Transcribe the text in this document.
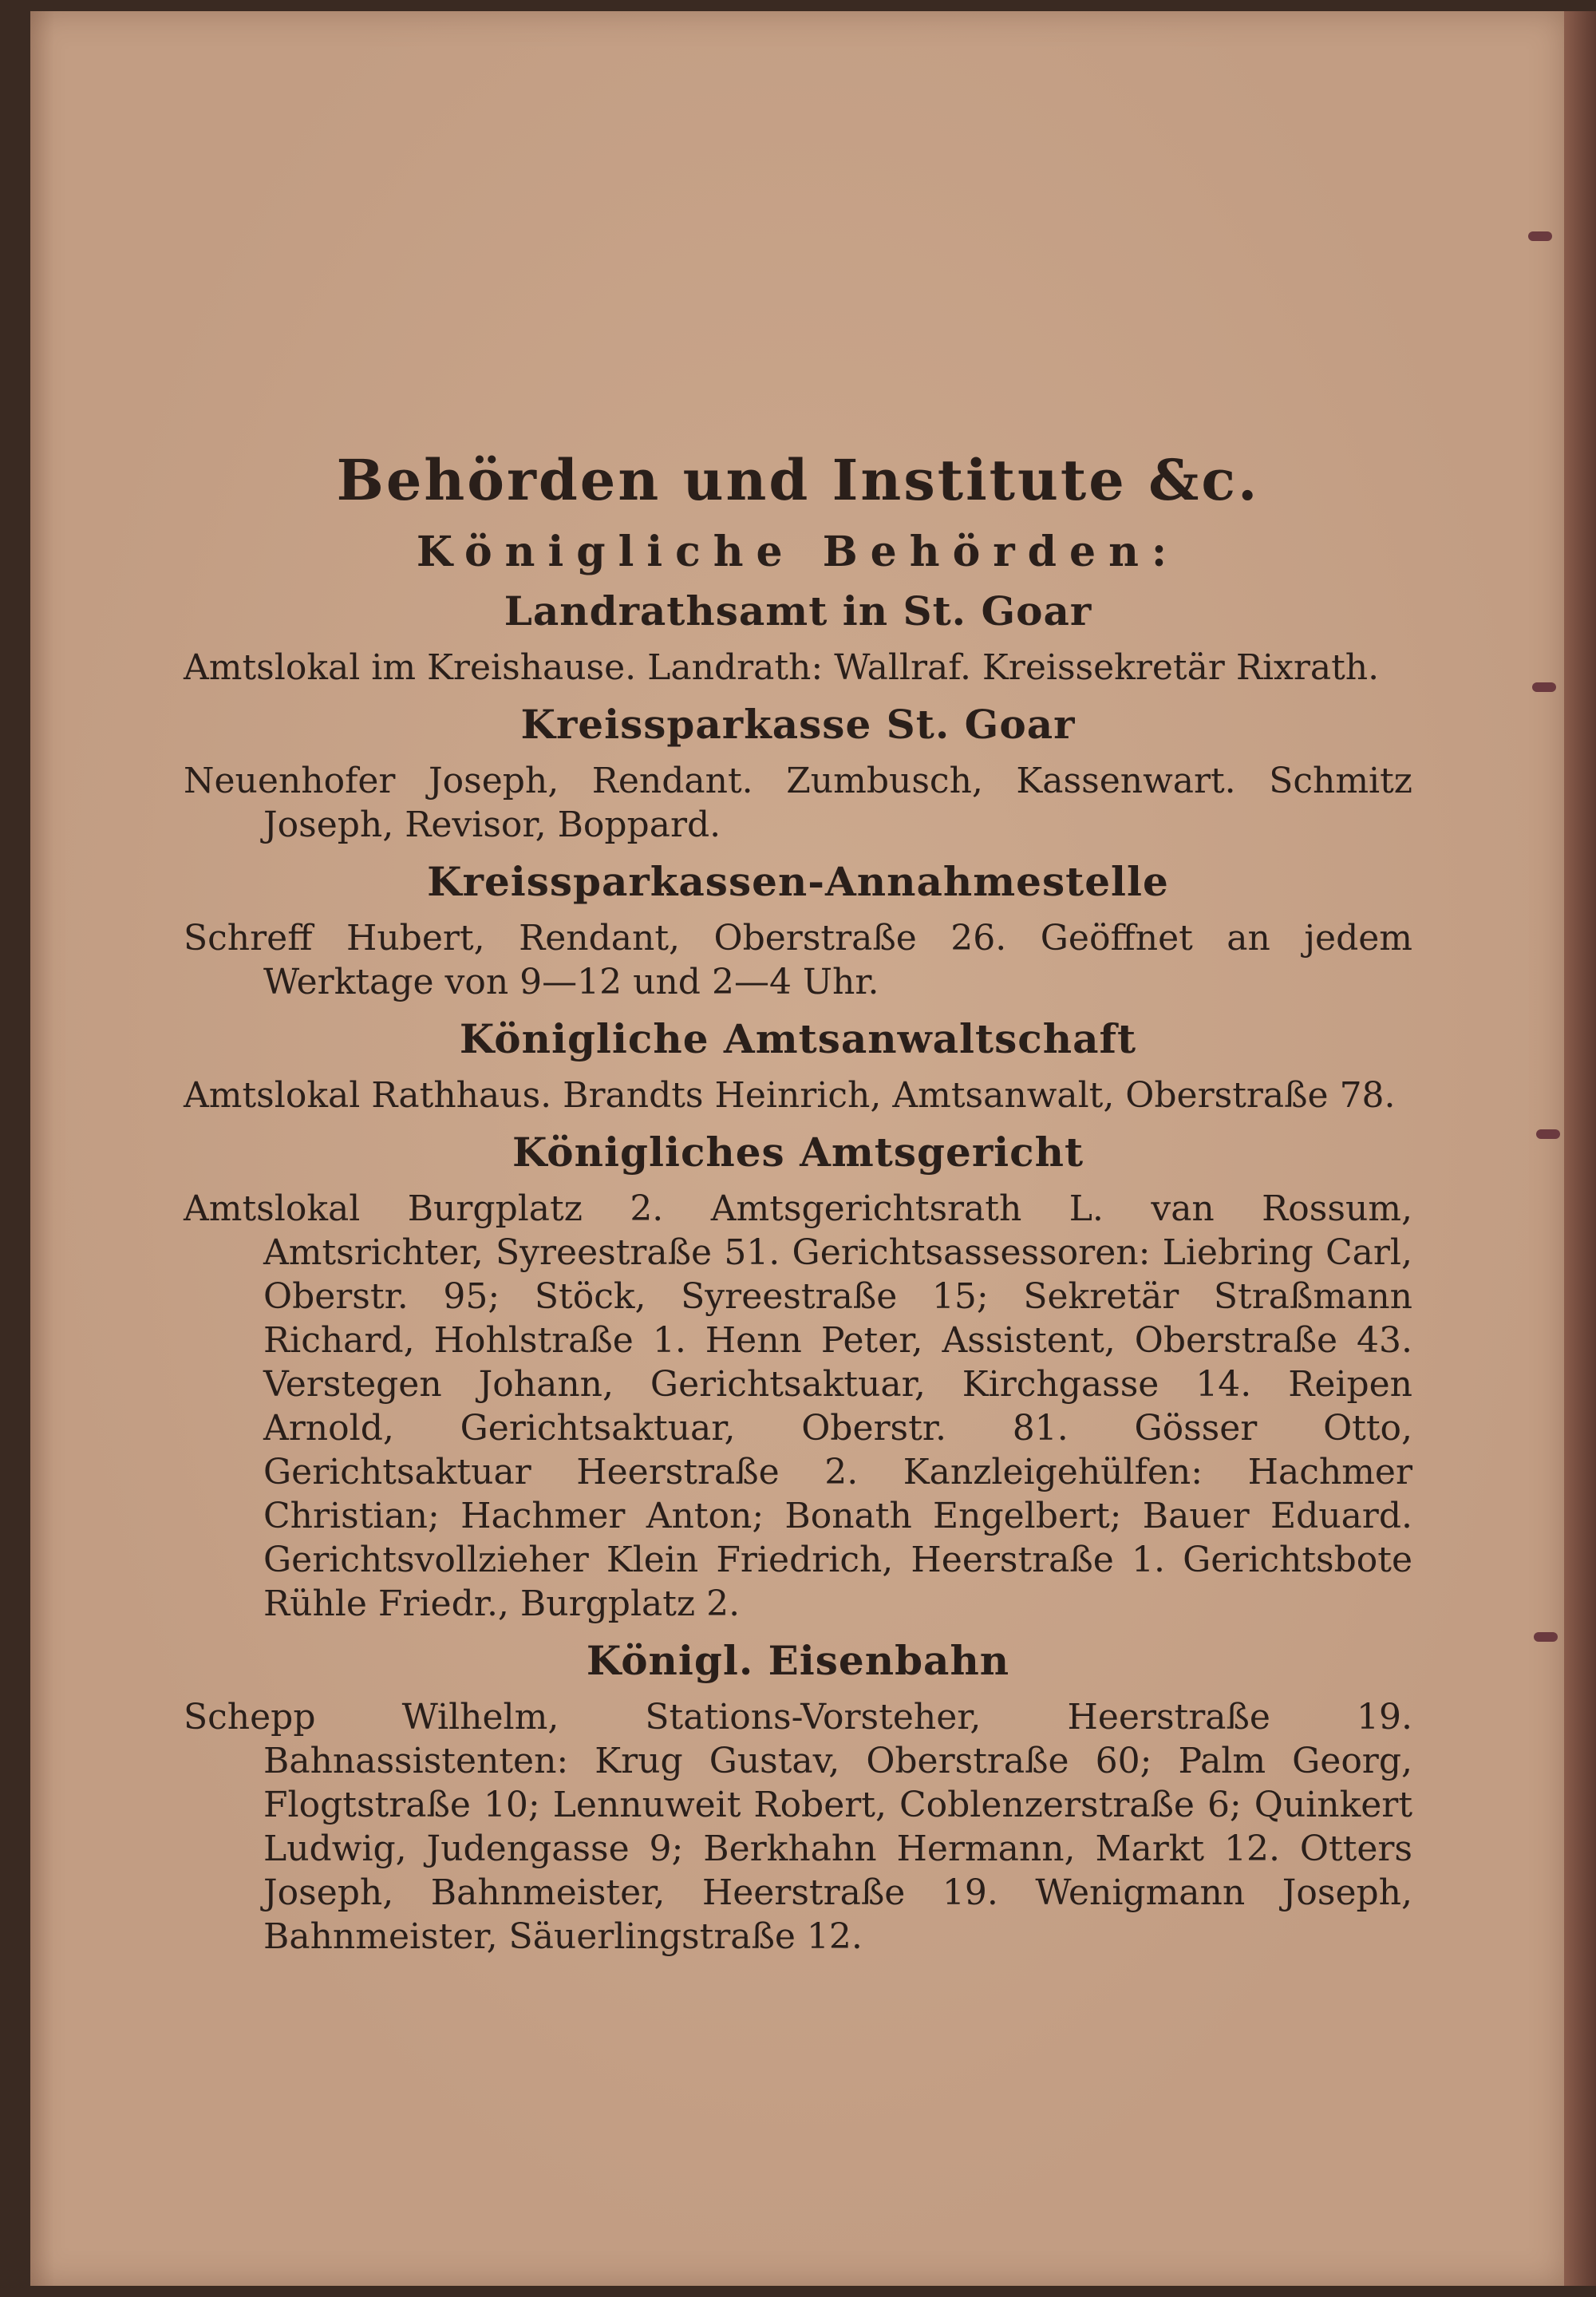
Behörden und Institute &c.
Königliche Behörden:
Landrathsamt in St. Goar

Amtslokal im Kreishause. Landrath: Wallraf. Kreissekretär Rixrath.

Kreissparkasse St. Goar

Neuenhofer Joseph, Rendant. Zumbusch, Kassenwart. Schmitz Joseph, Revisor, Boppard.

Kreissparkassen-Annahmestelle

Schreff Hubert, Rendant, Oberstraße 26. Geöffnet an jedem Werktage von 9—12 und 2—4 Uhr.

Königliche Amtsanwaltschaft

Amtslokal Rathhaus. Brandts Heinrich, Amtsanwalt, Oberstraße 78.

Königliches Amtsgericht

Amtslokal Burgplatz 2. Amtsgerichtsrath L. van Rossum, Amtsrichter, Syreestraße 51. Gerichtsassessoren: Liebring Carl, Oberstr. 95; Stöck, Syreestraße 15; Sekretär Straßmann Richard, Hohlstraße 1. Henn Peter, Assistent, Oberstraße 43. Verstegen Johann, Gerichtsaktuar, Kirchgasse 14. Reipen Arnold, Gerichtsaktuar, Oberstr. 81. Gösser Otto, Gerichtsaktuar Heerstraße 2. Kanzleigehülfen: Hachmer Christian; Hachmer Anton; Bonath Engelbert; Bauer Eduard. Gerichtsvollzieher Klein Friedrich, Heerstraße 1. Gerichtsbote Rühle Friedr., Burgplatz 2.

Königl. Eisenbahn

Schepp Wilhelm, Stations-Vorsteher, Heerstraße 19. Bahnassistenten: Krug Gustav, Oberstraße 60; Palm Georg, Flogtstraße 10; Lennuweit Robert, Coblenzerstraße 6; Quinkert Ludwig, Judengasse 9; Berkhahn Hermann, Markt 12. Otters Joseph, Bahnmeister, Heerstraße 19. Wenigmann Joseph, Bahnmeister, Säuerlingstraße 12.
